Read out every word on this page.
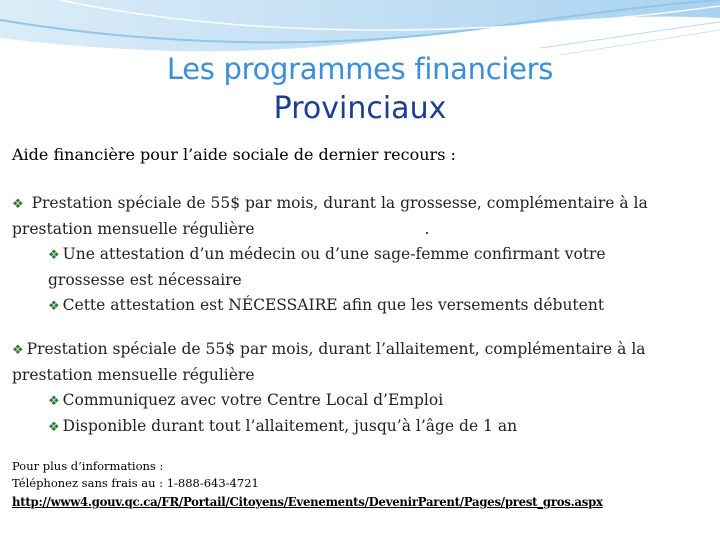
Les programmes financiers
Provinciaux
Aide financière pour l’aide sociale de dernier recours :
❖ Prestation spéciale de 55$ par mois, durant la grossesse, complémentaire à la
prestation mensuelle régulière	.
❖ Une attestation d’un médecin ou d’une sage-femme confirmant votre
grossesse est nécessaire
❖ Cette attestation est NÉCESSAIRE afin que les versements débutent
❖ Prestation spéciale de 55$ par mois, durant l’allaitement, complémentaire à la
prestation mensuelle régulière
❖ Communiquez avec votre Centre Local d’Emploi
❖ Disponible durant tout l’allaitement, jusqu’à l’âge de 1 an
Pour plus d’informations :
Téléphonez sans frais au : 1-888-643-4721
http://www4.gouv.qc.ca/FR/Portail/Citoyens/Evenements/DevenirParent/Pages/prest_gros.aspx
